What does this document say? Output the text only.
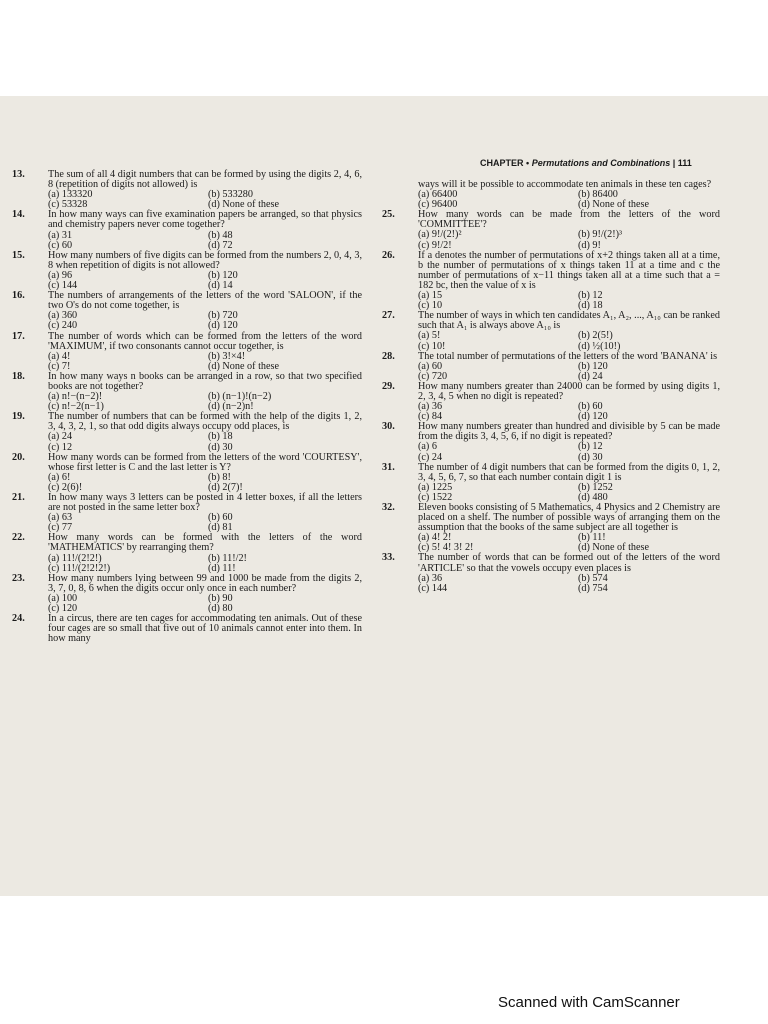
CHAPTER • Permutations and Combinations | 111
13.	The sum of all 4 digit numbers that can be formed by using the digits 2, 4, 6, 8 (repetition of digits not allowed) is
(a) 133320	(b) 533280
(c) 53328	(d) None of these
14.	In how many ways can five examination papers be arranged, so that physics and chemistry papers never come together?
(a) 31	(b) 48
(c) 60	(d) 72
15.	How many numbers of five digits can be formed from the numbers 2, 0, 4, 3, 8 when repetition of digits is not allowed?
(a) 96	(b) 120
(c) 144	(d) 14
16.	The numbers of arrangements of the letters of the word 'SALOON', if the two O's do not come together, is
(a) 360	(b) 720
(c) 240	(d) 120
17.	The number of words which can be formed from the letters of the word 'MAXIMUM', if two consonants cannot occur together, is
(a) 4!	(b) 3!×4!
(c) 7!	(d) None of these
18.	In how many ways n books can be arranged in a row, so that two specified books are not together?
(a) n!−(n−2)!	(b) (n−1)!(n−2)
(c) n!−2(n−1)	(d) (n−2)n!
19.	The number of numbers that can be formed with the help of the digits 1, 2, 3, 4, 3, 2, 1, so that odd digits always occupy odd places, is
(a) 24	(b) 18
(c) 12	(d) 30
20.	How many words can be formed from the letters of the word 'COURTESY', whose first letter is C and the last letter is Y?
(a) 6!	(b) 8!
(c) 2(6)!	(d) 2(7)!
21.	In how many ways 3 letters can be posted in 4 letter boxes, if all the letters are not posted in the same letter box?
(a) 63	(b) 60
(c) 77	(d) 81
22.	How many words can be formed with the letters of the word 'MATHEMATICS' by rearranging them?
(a) 11!/(2!2!)	(b) 11!/2!
(c) 11!/(2!2!2!)	(d) 11!
23.	How many numbers lying between 99 and 1000 be made from the digits 2, 3, 7, 0, 8, 6 when the digits occur only once in each number?
(a) 100	(b) 90
(c) 120	(d) 80
24.	In a circus, there are ten cages for accommodating ten animals. Out of these four cages are so small that five out of 10 animals cannot enter into them. In how many
ways will it be possible to accommodate ten animals in these ten cages?
(a) 66400	(b) 86400
(c) 96400	(d) None of these
25.	How many words can be made from the letters of the word 'COMMITTEE'?
(a) 9!/(2!)²	(b) 9!/(2!)³
(c) 9!/2!	(d) 9!
26.	If a denotes the number of permutations of x+2 things taken all at a time, b the number of permutations of x things taken 11 at a time and c the number of permutations of x−11 things taken all at a time such that a = 182 bc, then the value of x is
(a) 15	(b) 12
(c) 10	(d) 18
27.	The number of ways in which ten candidates A₁, A₂, ..., A₁₀ can be ranked such that A₁ is always above A₁₀ is
(a) 5!	(b) 2(5!)
(c) 10!	(d) ½(10!)
28.	The total number of permutations of the letters of the word 'BANANA' is
(a) 60	(b) 120
(c) 720	(d) 24
29.	How many numbers greater than 24000 can be formed by using digits 1, 2, 3, 4, 5 when no digit is repeated?
(a) 36	(b) 60
(c) 84	(d) 120
30.	How many numbers greater than hundred and divisible by 5 can be made from the digits 3, 4, 5, 6, if no digit is repeated?
(a) 6	(b) 12
(c) 24	(d) 30
31.	The number of 4 digit numbers that can be formed from the digits 0, 1, 2, 3, 4, 5, 6, 7, so that each number contain digit 1 is
(a) 1225	(b) 1252
(c) 1522	(d) 480
32.	Eleven books consisting of 5 Mathematics, 4 Physics and 2 Chemistry are placed on a shelf. The number of possible ways of arranging them on the assumption that the books of the same subject are all together is
(a) 4! 2!	(b) 11!
(c) 5! 4! 3! 2!	(d) None of these
33.	The number of words that can be formed out of the letters of the word 'ARTICLE' so that the vowels occupy even places is
(a) 36	(b) 574
(c) 144	(d) 754
Scanned with CamScanner
